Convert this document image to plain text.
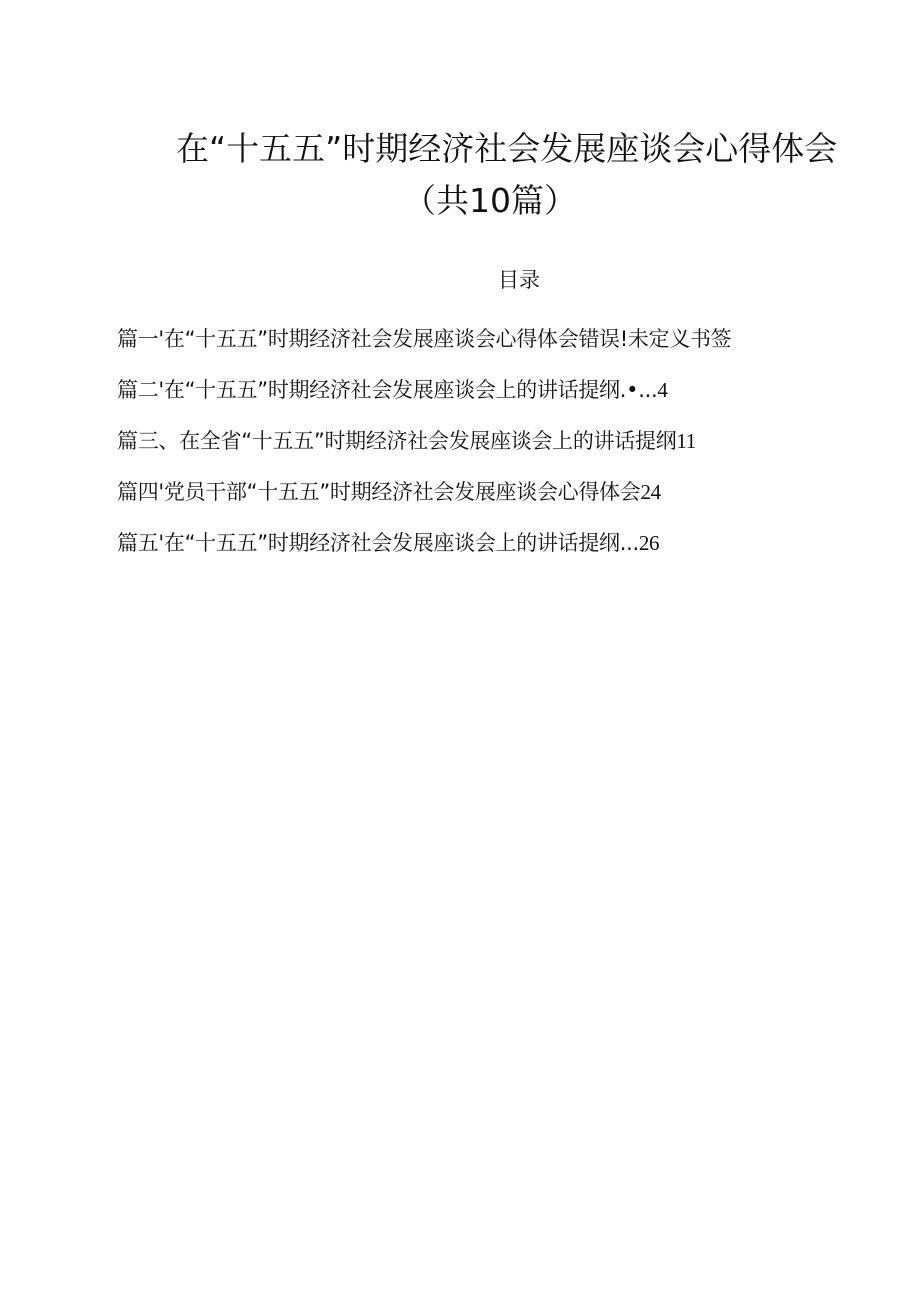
在“十五五”时期经济社会发展座谈会心得体会
（共10篇）
目录
篇一'在“十五五”时期经济社会发展座谈会心得体会错误!未定义书签
篇二'在“十五五”时期经济社会发展座谈会上的讲话提纲.•...4
篇三、在全省“十五五”时期经济社会发展座谈会上的讲话提纲11
篇四'党员干部“十五五”时期经济社会发展座谈会心得体会24
篇五'在“十五五”时期经济社会发展座谈会上的讲话提纲...26
